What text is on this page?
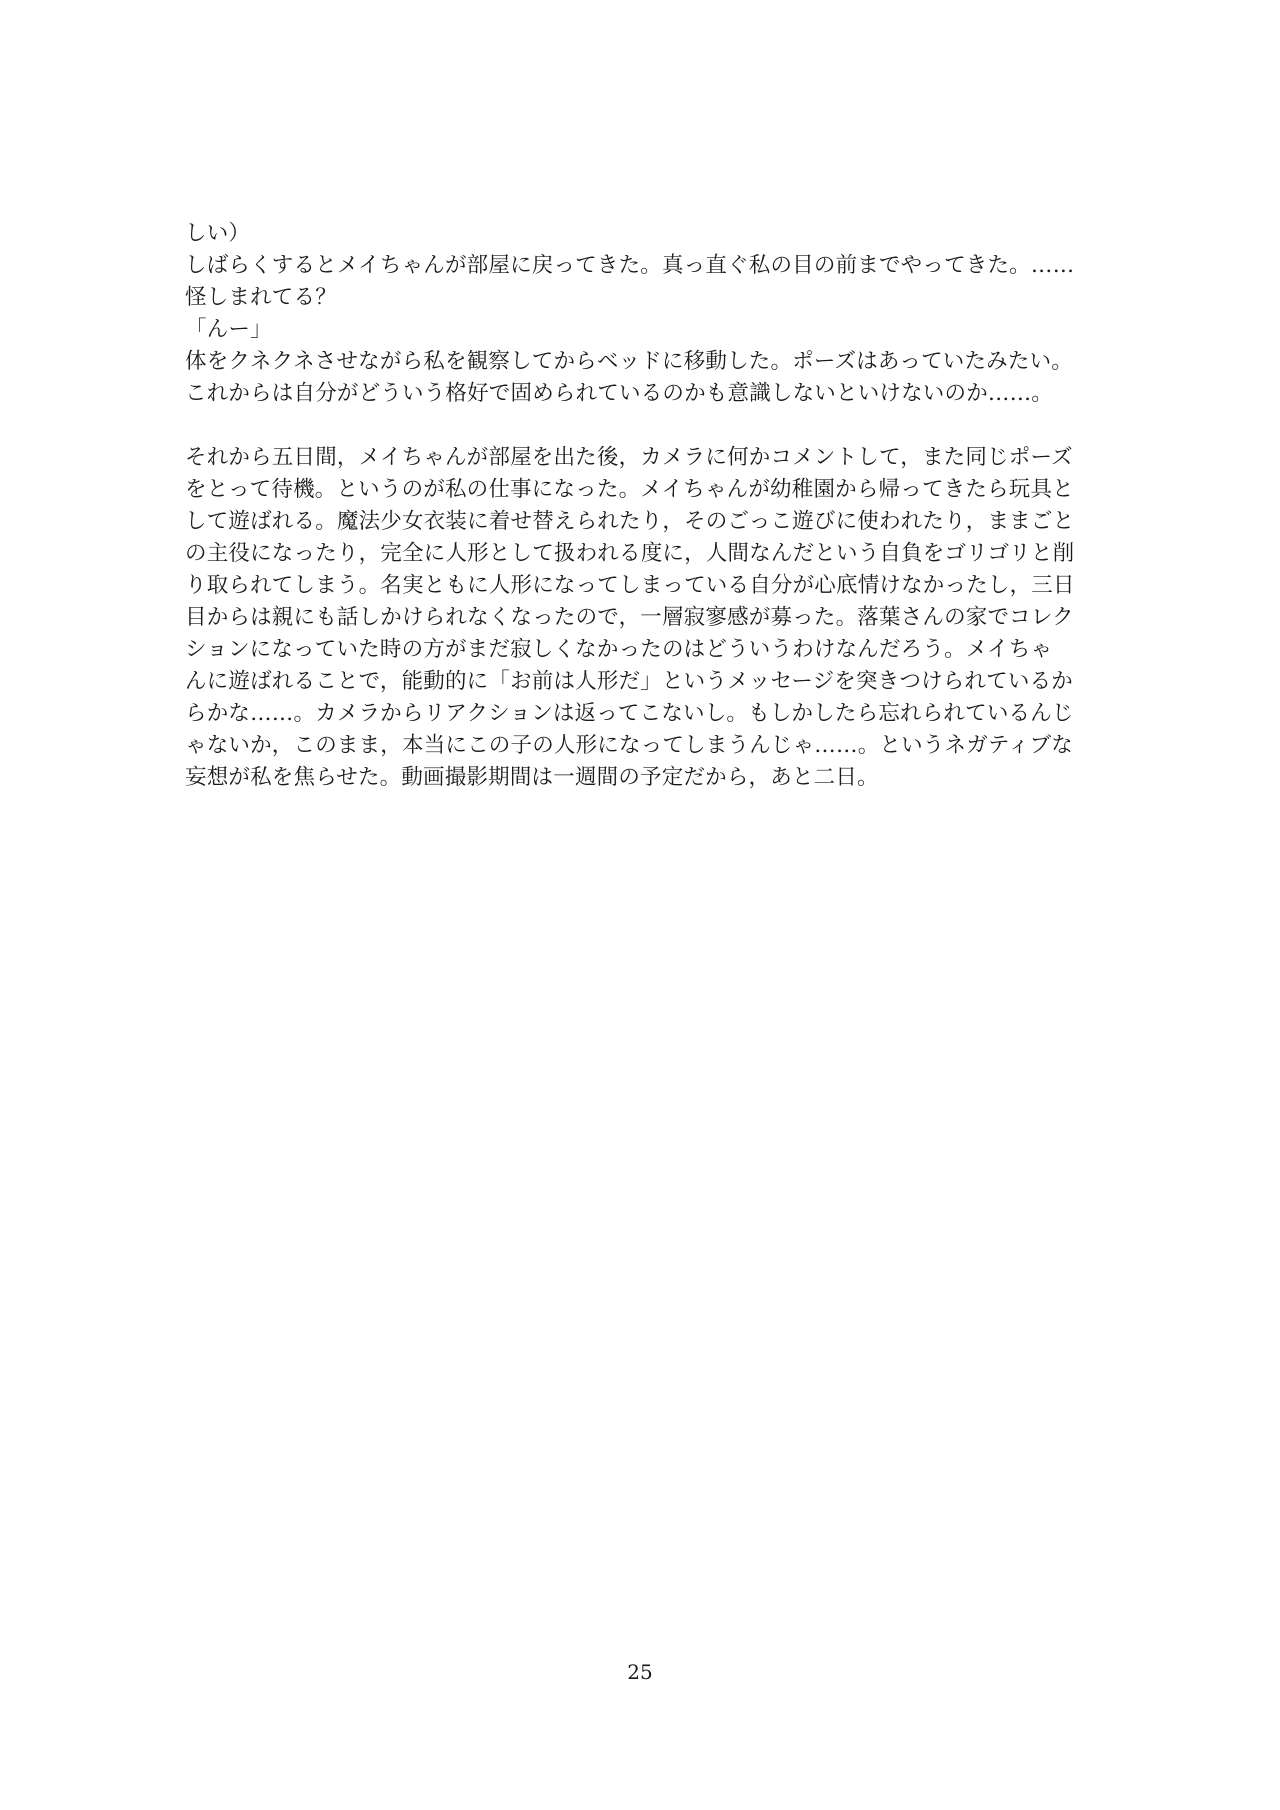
しい）
しばらくするとメイちゃんが部屋に戻ってきた。真っ直ぐ私の目の前までやってきた。……
怪しまれてる？
「んー」
体をクネクネさせながら私を観察してからベッドに移動した。ポーズはあっていたみたい。
これからは自分がどういう格好で固められているのかも意識しないといけないのか……。
それから五日間，メイちゃんが部屋を出た後，カメラに何かコメントして，また同じポーズ
をとって待機。というのが私の仕事になった。メイちゃんが幼稚園から帰ってきたら玩具と
して遊ばれる。魔法少女衣装に着せ替えられたり，そのごっこ遊びに使われたり，ままごと
の主役になったり，完全に人形として扱われる度に，人間なんだという自負をゴリゴリと削
り取られてしまう。名実ともに人形になってしまっている自分が心底情けなかったし，三日
目からは親にも話しかけられなくなったので，一層寂寥感が募った。落葉さんの家でコレク
ションになっていた時の方がまだ寂しくなかったのはどういうわけなんだろう。メイちゃ
んに遊ばれることで，能動的に「お前は人形だ」というメッセージを突きつけられているか
らかな……。カメラからリアクションは返ってこないし。もしかしたら忘れられているんじ
ゃないか，このまま，本当にこの子の人形になってしまうんじゃ……。というネガティブな
妄想が私を焦らせた。動画撮影期間は一週間の予定だから，あと二日。
25
